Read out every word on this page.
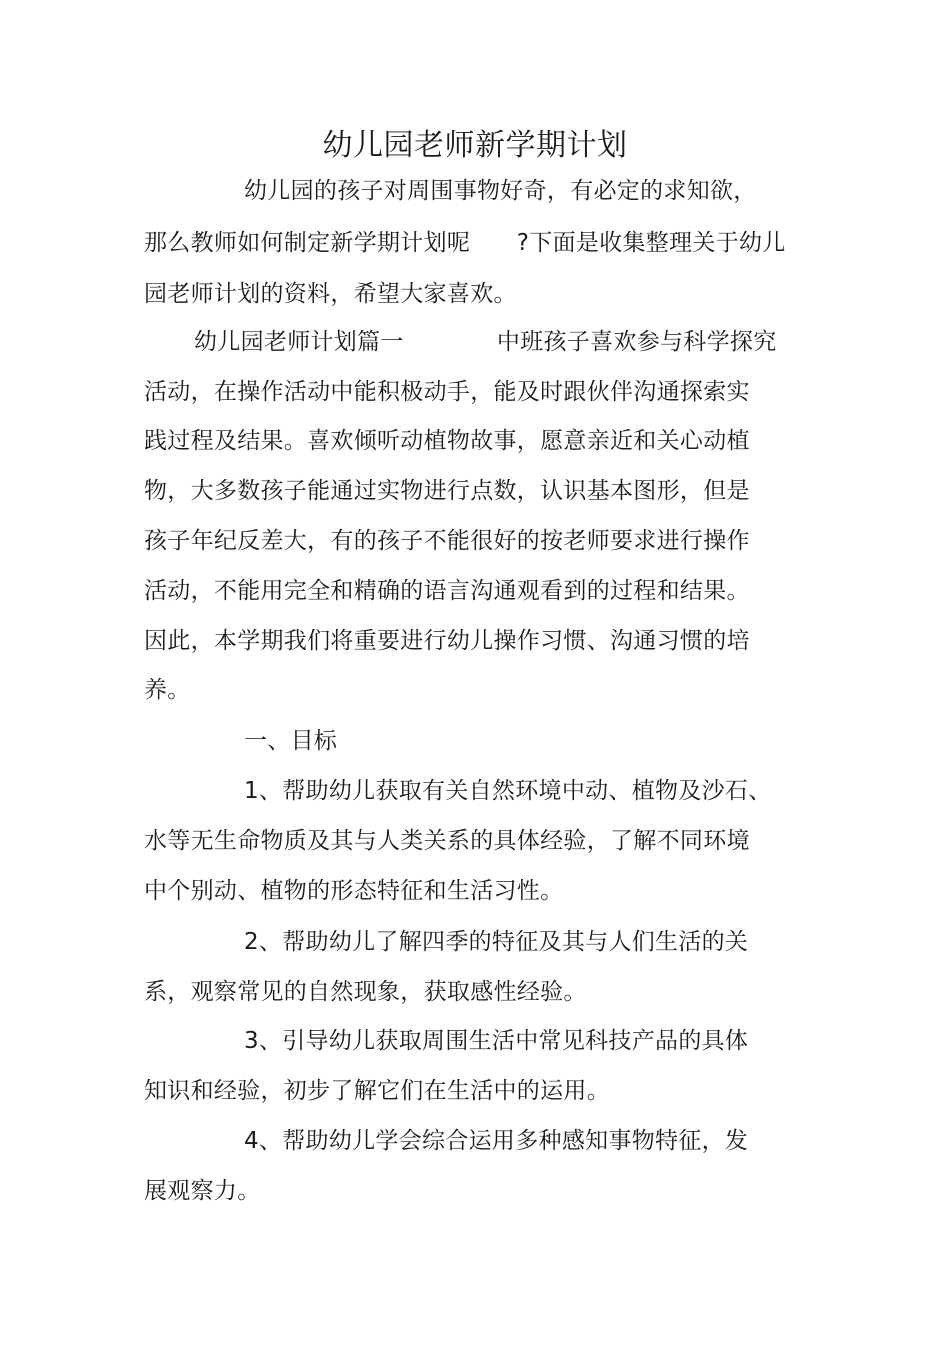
幼儿园老师新学期计划
幼儿园的孩子对周围事物好奇，有必定的求知欲，
那么教师如何制定新学期计划呢　　?下面是收集整理关于幼儿
园老师计划的资料，希望大家喜欢。
幼儿园老师计划篇一　　　　中班孩子喜欢参与科学探究
活动，在操作活动中能积极动手，能及时跟伙伴沟通探索实
践过程及结果。喜欢倾听动植物故事，愿意亲近和关心动植
物，大多数孩子能通过实物进行点数，认识基本图形，但是
孩子年纪反差大，有的孩子不能很好的按老师要求进行操作
活动，不能用完全和精确的语言沟通观看到的过程和结果。
因此，本学期我们将重要进行幼儿操作习惯、沟通习惯的培
养。
一、目标
1、帮助幼儿获取有关自然环境中动、植物及沙石、
水等无生命物质及其与人类关系的具体经验，了解不同环境
中个别动、植物的形态特征和生活习性。
2、帮助幼儿了解四季的特征及其与人们生活的关
系，观察常见的自然现象，获取感性经验。
3、引导幼儿获取周围生活中常见科技产品的具体
知识和经验，初步了解它们在生活中的运用。
4、帮助幼儿学会综合运用多种感知事物特征，发
展观察力。
